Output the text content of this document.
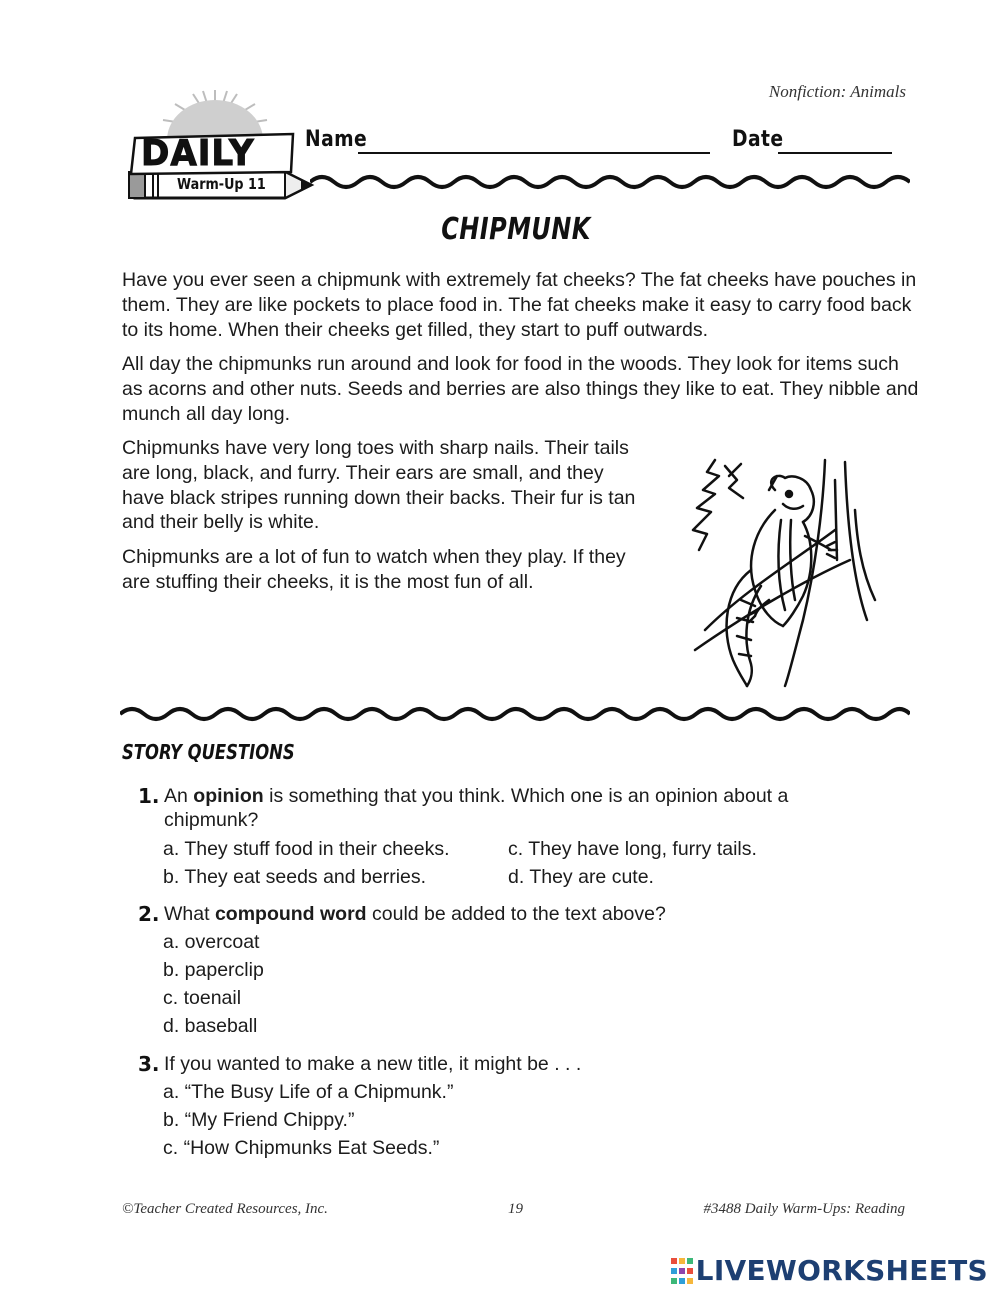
Nonfiction: Animals
DAILY
Warm-Up 11
Name	Date
CHIPMUNK

Have you ever seen a chipmunk with extremely fat cheeks? The fat cheeks have pouches in them. They are like pockets to place food in. The fat cheeks make it easy to carry food back to its home. When their cheeks get filled, they start to puff outwards.

All day the chipmunks run around and look for food in the woods. They look for items such as acorns and other nuts. Seeds and berries are also things they like to eat. They nibble and munch all day long.

Chipmunks have very long toes with sharp nails. Their tails are long, black, and furry. Their ears are small, and they have black stripes running down their backs. Their fur is tan and their belly is white.

Chipmunks are a lot of fun to watch when they play. If they are stuffing their cheeks, it is the most fun of all.

STORY QUESTIONS
1. An opinion is something that you think. Which one is an opinion about a chipmunk?
a. They stuff food in their cheeks.
b. They eat seeds and berries.
c. They have long, furry tails.
d. They are cute.
2. What compound word could be added to the text above?
a. overcoat
b. paperclip
c. toenail
d. baseball
3. If you wanted to make a new title, it might be . . .
a. “The Busy Life of a Chipmunk.”
b. “My Friend Chippy.”
c. “How Chipmunks Eat Seeds.”
©Teacher Created Resources, Inc.	19	#3488 Daily Warm-Ups: Reading
LIVEWORKSHEETS
